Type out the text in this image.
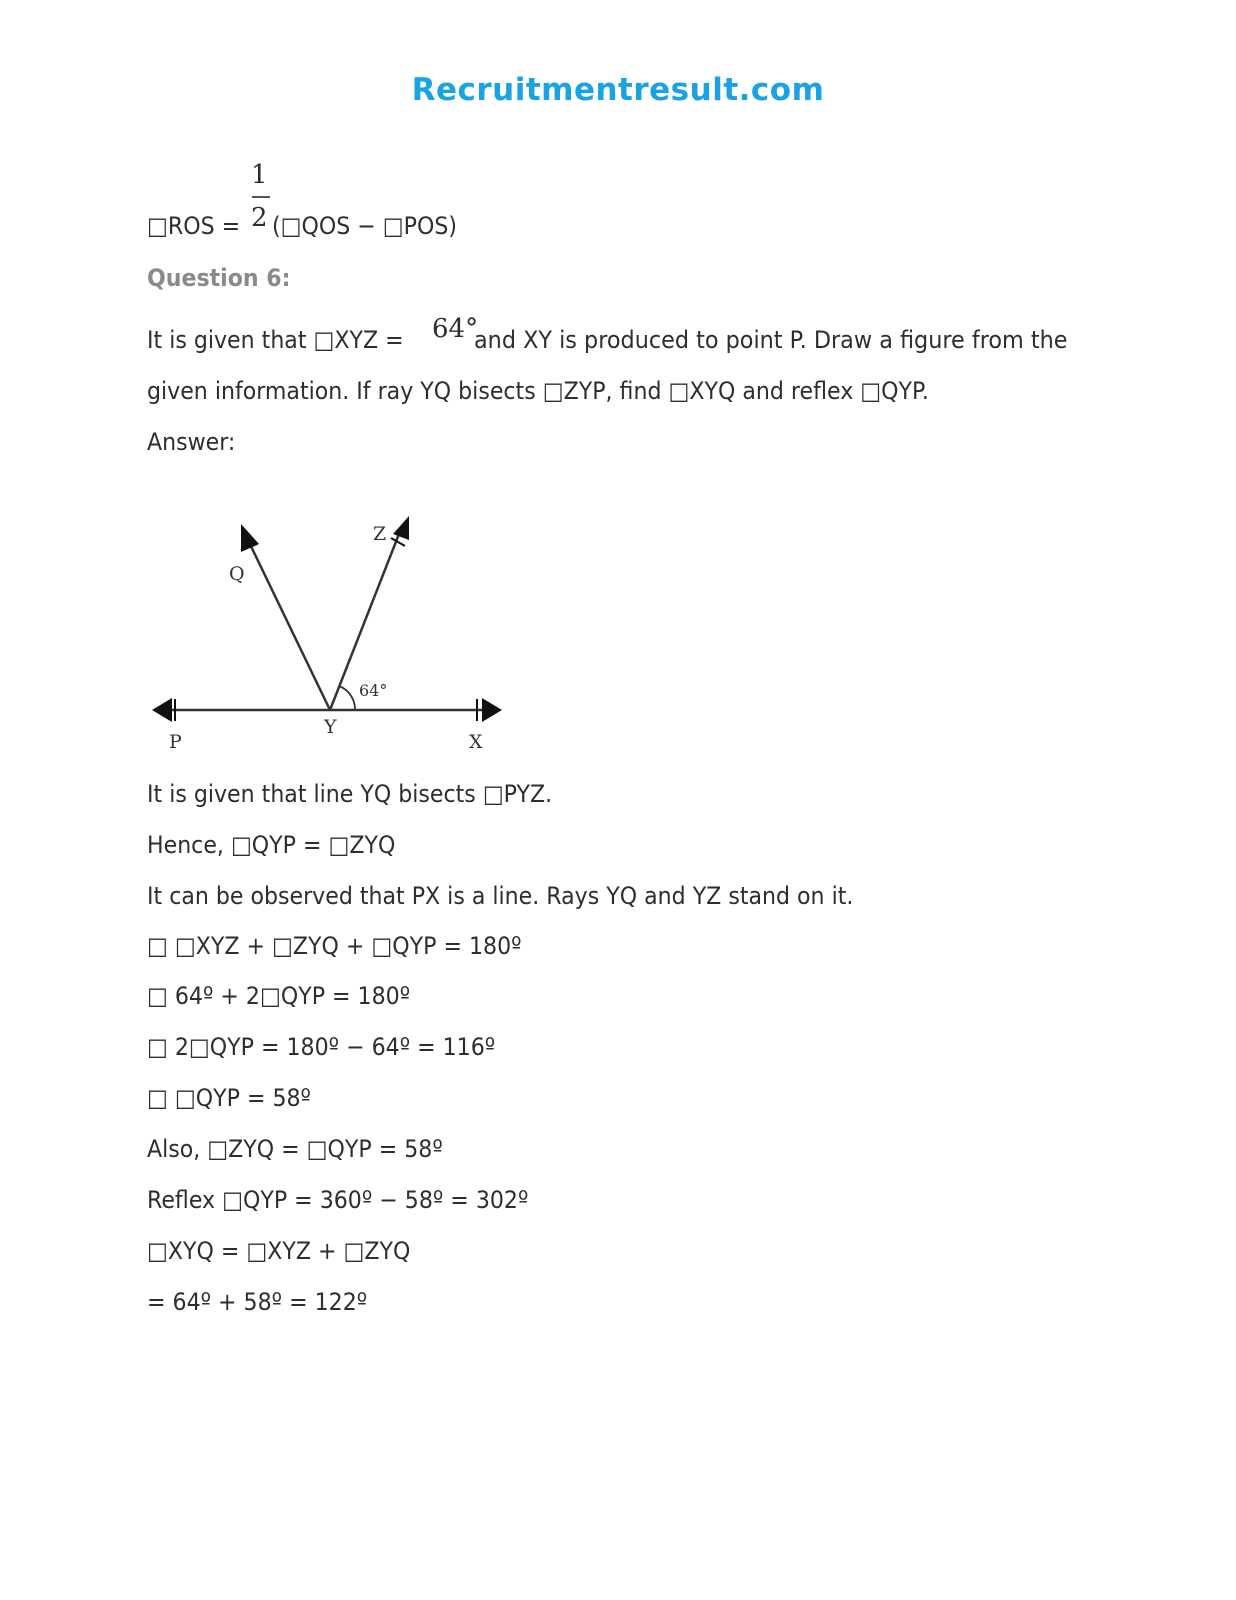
Recruitmentresult.com
□ROS =
1
2 (□QOS − □POS)
Question 6:
It is given that □XYZ = 64°
and XY is produced to point P. Draw a figure from the
given information. If ray YQ bisects □ZYP, find □XYQ and reflex □QYP.
Answer:
P
Y
X
Q
Z
64°
It is given that line YQ bisects □PYZ.
Hence, □QYP = □ZYQ
It can be observed that PX is a line. Rays YQ and YZ stand on it.
□ □XYZ + □ZYQ + □QYP = 180º
□ 64º + 2□QYP = 180º
□ 2□QYP = 180º − 64º = 116º
□ □QYP = 58º
Also, □ZYQ = □QYP = 58º
Reflex □QYP = 360º − 58º = 302º
□XYQ = □XYZ + □ZYQ
= 64º + 58º = 122º
